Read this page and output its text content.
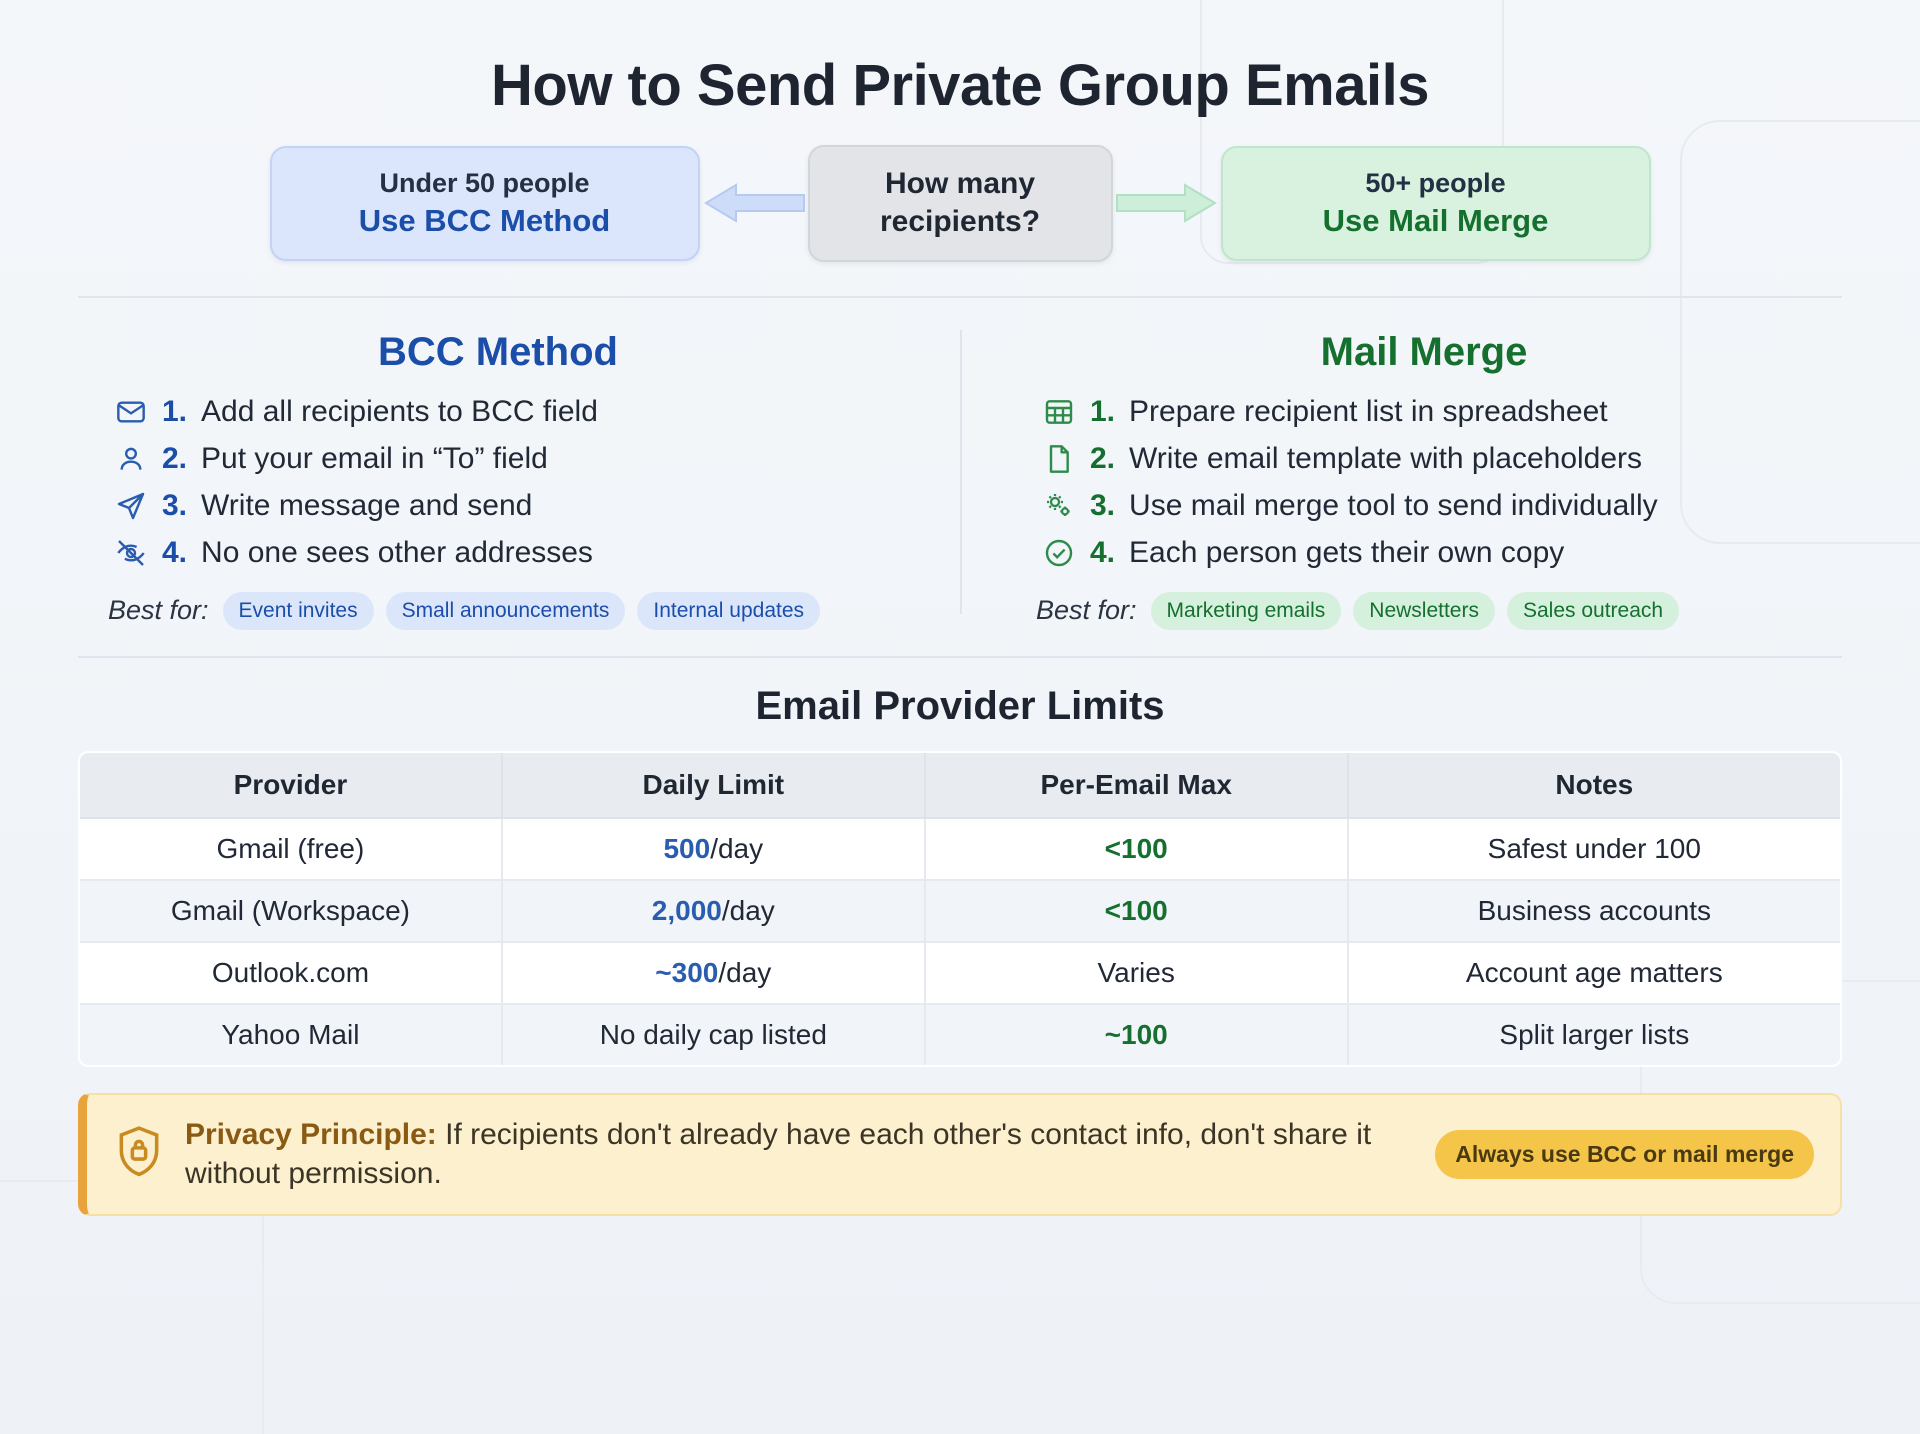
How to Send Private Group Emails
Under 50 people
Use BCC Method
How many
recipients?
50+ people
Use Mail Merge
BCC Method
1. Add all recipients to BCC field
2. Put your email in “To” field
3. Write message and send
4. No one sees other addresses
Best for:	Event invites	Small announcements	Internal updates
Mail Merge
1. Prepare recipient list in spreadsheet
2. Write email template with placeholders
3. Use mail merge tool to send individually
4. Each person gets their own copy
Best for:	Marketing emails	Newsletters	Sales outreach
Email Provider Limits
Provider	Daily Limit	Per-Email Max	Notes
Gmail (free)	500/day	<100	Safest under 100
Gmail (Workspace)	2,000/day	<100	Business accounts
Outlook.com	~300/day	Varies	Account age matters
Yahoo Mail	No daily cap listed	~100	Split larger lists
Privacy Principle: If recipients don't already have each other's contact info, don't share it without permission.
Always use BCC or mail merge
